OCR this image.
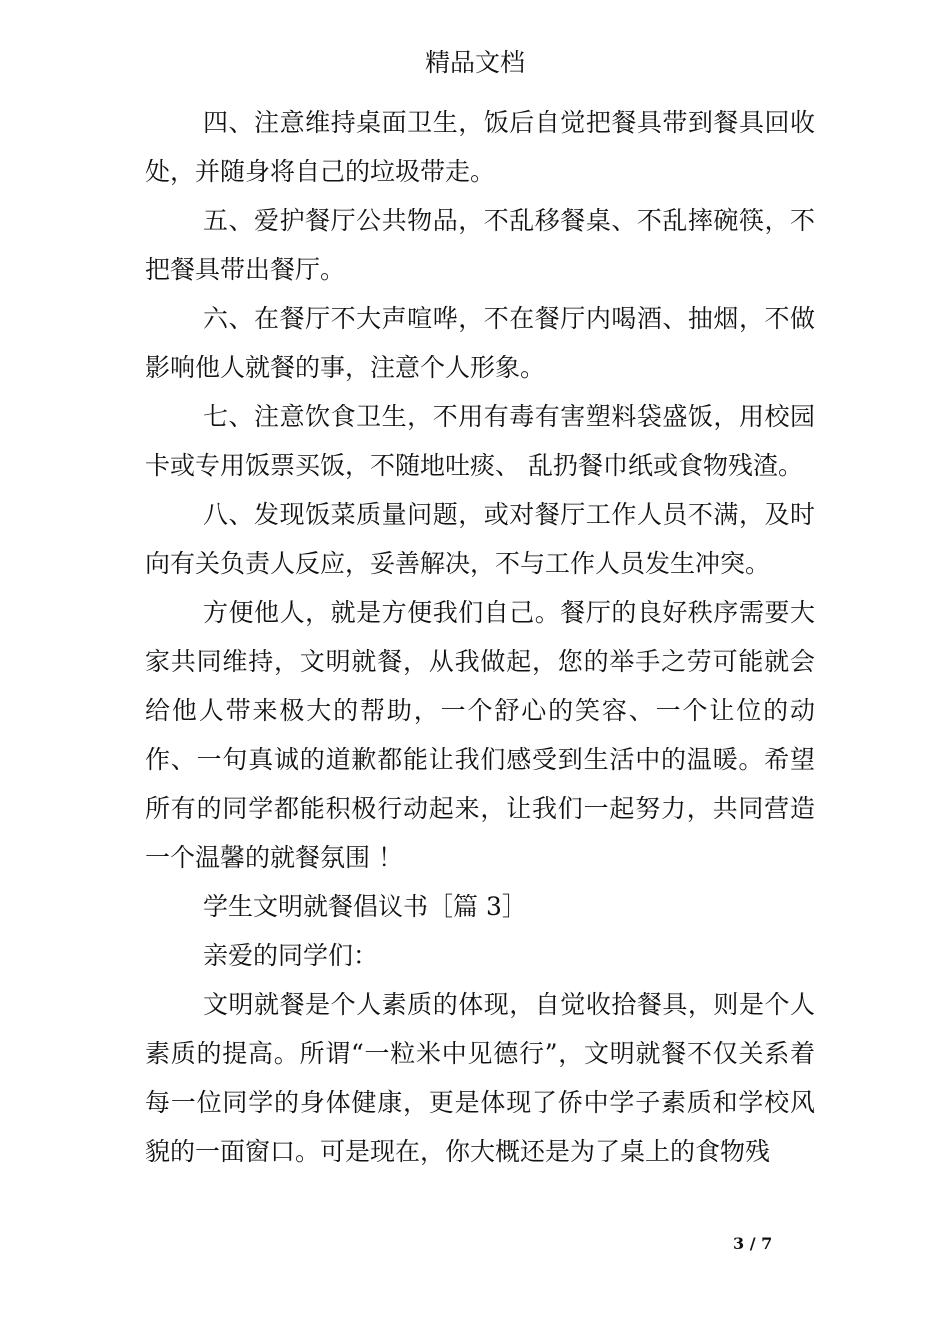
精品文档

四、注意维持桌面卫生，饭后自觉把餐具带到餐具回收处，并随身将自己的垃圾带走。

五、爱护餐厅公共物品，不乱移餐桌、不乱摔碗筷，不把餐具带出餐厅。

六、在餐厅不大声喧哗，不在餐厅内喝酒、抽烟，不做影响他人就餐的事，注意个人形象。

七、注意饮食卫生，不用有毒有害塑料袋盛饭，用校园卡或专用饭票买饭，不随地吐痰、 乱扔餐巾纸或食物残渣。

八、发现饭菜质量问题，或对餐厅工作人员不满，及时向有关负责人反应，妥善解决，不与工作人员发生冲突。

方便他人，就是方便我们自己。餐厅的良好秩序需要大家共同维持，文明就餐，从我做起，您的举手之劳可能就会给他人带来极大的帮助，一个舒心的笑容、一个让位的动作、一句真诚的道歉都能让我们感受到生活中的温暖。希望所有的同学都能积极行动起来，让我们一起努力，共同营造一个温馨的就餐氛围 ！

学生文明就餐倡议书［篇 3］

亲爱的同学们：

文明就餐是个人素质的体现，自觉收拾餐具，则是个人素质的提高。所谓“一粒米中见德行”，文明就餐不仅关系着每一位同学的身体健康，更是体现了侨中学子素质和学校风貌的一面窗口。可是现在，你大概还是为了桌上的食物残

3 / 7
